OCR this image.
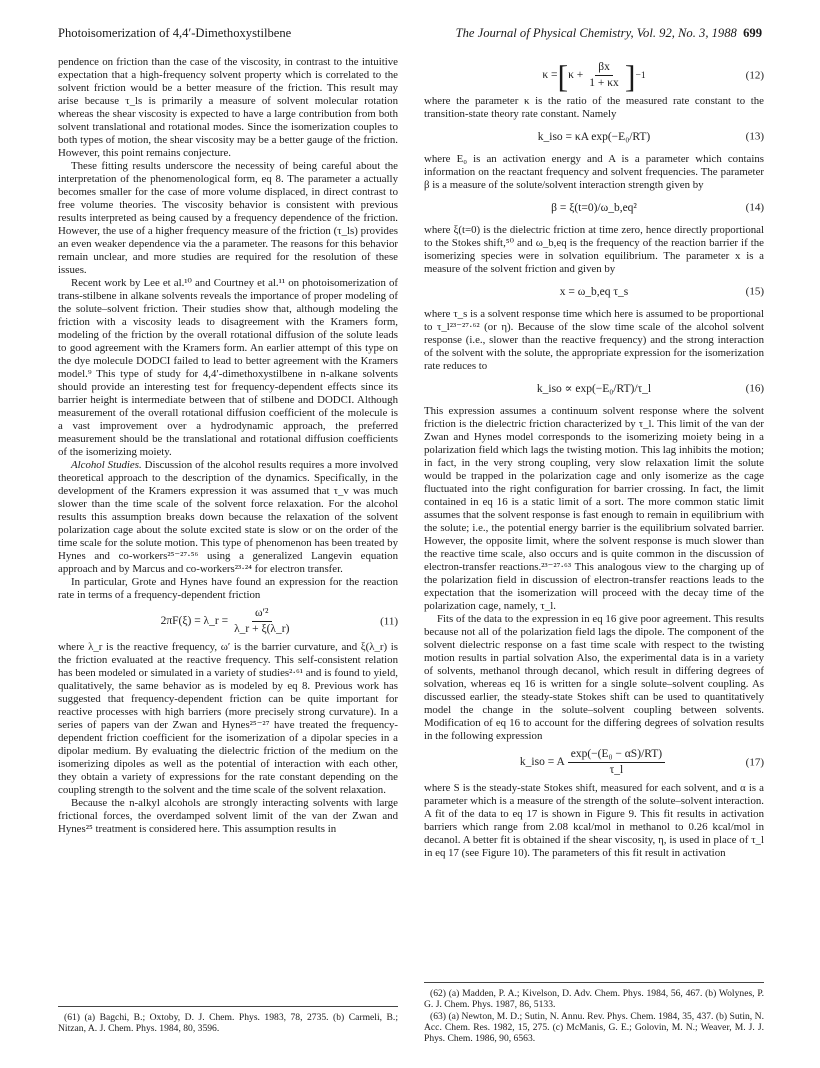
Photoisomerization of 4,4′-Dimethoxystilbene	The Journal of Physical Chemistry, Vol. 92, No. 3, 1988 699

pendence on friction than the case of the viscosity, in contrast to the intuitive expectation that a high-frequency solvent property which is correlated to the solvent friction would be a better measure of the friction. This result may arise because τ_ls is primarily a measure of solvent molecular rotation whereas the shear viscosity is expected to have a large contribution from both solvent translational and rotational modes. Since the isomerization couples to both types of motion, the shear viscosity may be a better gauge of the friction. However, this point remains conjecture.

These fitting results underscore the necessity of being careful about the interpretation of the phenomenological form, eq 8. The parameter a actually becomes smaller for the case of more volume displaced, in direct contrast to free volume theories. The viscosity behavior is consistent with previous results interpreted as being caused by a frequency dependence of the friction. However, the use of a higher frequency measure of the friction (τ_ls) provides an even weaker dependence via the a parameter. The reasons for this behavior remain unclear, and more studies are required for the resolution of these issues.

Recent work by Lee et al.¹⁰ and Courtney et al.¹¹ on photoisomerization of trans-stilbene in alkane solvents reveals the importance of proper modeling of the solute–solvent friction. Their studies show that, although modeling the friction with a viscosity leads to disagreement with the Kramers form, modeling of the friction by the overall rotational diffusion of the solute leads to good agreement with the Kramers form. An earlier attempt of this type on the dye molecule DODCI failed to lead to better agreement with the Kramers model.⁹ This type of study for 4,4′-dimethoxystilbene in n-alkane solvents should provide an interesting test for frequency-dependent effects since its barrier height is intermediate between that of stilbene and DODCI. Although measurement of the overall rotational diffusion coefficient of the molecule is a vast improvement over a hydrodynamic approach, the preferred measurement should be the translational and rotational diffusion coefficients of the isomerizing moiety.

Alcohol Studies. Discussion of the alcohol results requires a more involved theoretical approach to the description of the dynamics. Specifically, in the development of the Kramers expression it was assumed that τ_v was much slower than the time scale of the solvent force relaxation. For the alcohol results this assumption breaks down because the relaxation of the solvent polarization cage about the solute excited state is slow or on the order of the time scale for the solute motion. This type of phenomenon has been treated by Hynes and co-workers²⁵⁻²⁷·⁵⁶ using a generalized Langevin equation approach and by Marcus and co-workers²³·²⁴ for electron transfer.

In particular, Grote and Hynes have found an expression for the reaction rate in terms of a frequency-dependent friction

2πF(ξ) = λ_r = $\frac{\text{ω′²}}{\lambda\_r + \xi(\lambda\_r)}$	(11)

where λ_r is the reactive frequency, ω′ is the barrier curvature, and ξ(λ_r) is the friction evaluated at the reactive frequency. This self-consistent relation has been modeled or simulated in a variety of studies²·⁶¹ and is found to yield, qualitatively, the same behavior as is modeled by eq 8. Previous work has suggested that frequency-dependent friction can be quite important for reactive processes with high barriers (more precisely strong curvature). In a series of papers van der Zwan and Hynes²⁵⁻²⁷ have treated the frequency-dependent friction coefficient for the isomerization of a dipolar species in a dipolar medium. By evaluating the dielectric friction of the medium on the isomerizing dipoles as well as the potential of interaction with each other, they obtain a variety of expressions for the rate constant depending on the coupling strength to the solvent and the time scale of the solvent relaxation.

Because the n-alkyl alcohols are strongly interacting solvents with large frictional forces, the overdamped solvent limit of the van der Zwan and Hynes²⁵ treatment is considered here. This assumption results in

(61) (a) Bagchi, B.; Oxtoby, D. J. Chem. Phys. 1983, 78, 2735. (b) Carmeli, B.; Nitzan, A. J. Chem. Phys. 1984, 80, 3596.

κ = [ $\kappa + \frac{\beta x}{1 + \kappa x}$ ] −1	(12)

where the parameter κ is the ratio of the measured rate constant to the transition-state theory rate constant. Namely

k_iso = κA exp(−E₀/RT)	(13)

where E₀ is an activation energy and A is a parameter which contains information on the reactant frequency and solvent frequencies. The parameter β is a measure of the solute/solvent interaction strength given by

β = ξ(t=0)/ω_b,eq²	(14)

where ξ(t=0) is the dielectric friction at time zero, hence directly proportional to the Stokes shift,⁵⁰ and ω_b,eq is the frequency of the reaction barrier if the isomerizing species were in solvation equilibrium. The parameter x is a measure of the solvent friction and given by

x = ω_b,eq τ_s	(15)

where τ_s is a solvent response time which here is assumed to be proportional to τ_l²³⁻²⁷·⁶² (or η). Because of the slow time scale of the alcohol solvent response (i.e., slower than the reactive frequency) and the strong interaction of the solvent with the solute, the appropriate expression for the isomerization rate reduces to

k_iso ∝ exp(−E₀/RT)/τ_l	(16)

This expression assumes a continuum solvent response where the solvent friction is the dielectric friction characterized by τ_l. This limit of the van der Zwan and Hynes model corresponds to the isomerizing moiety being in a polarization field which lags the twisting motion. This lag inhibits the motion; in fact, in the very strong coupling, very slow relaxation limit the solute would be trapped in the polarization cage and only isomerize as the cage fluctuated into the right configuration for barrier crossing. In fact, the limit contained in eq 16 is a static limit of a sort. The more common static limit assumes that the solvent response is fast enough to remain in equilibrium with the solute; i.e., the potential energy barrier is the equilibrium solvated barrier. However, the opposite limit, where the solvent response is much slower than the reactive time scale, also occurs and is quite common in the discussion of electron-transfer reactions.²³⁻²⁷·⁶³ This analogous view to the charging up of the polarization field in discussion of electron-transfer reactions leads to the expectation that the isomerization will proceed with the decay time of the polarization cage, namely, τ_l.

Fits of the data to the expression in eq 16 give poor agreement. This results because not all of the polarization field lags the dipole. The component of the solvent dielectric response on a fast time scale with respect to the twisting motion results in partial solvation Also, the experimental data is in a variety of solvents, methanol through decanol, which result in differing degrees of solvation, whereas eq 16 is written for a single solute–solvent coupling. As discussed earlier, the steady-state Stokes shift can be used to quantitatively model the change in the solute–solvent coupling between solvents. Modification of eq 16 to account for the differing degrees of solvation results in the following expression

k_iso = A $\frac{\text{exp(−(E₀ − αS)/RT)}}{\tau\_l}$	(17)

where S is the steady-state Stokes shift, measured for each solvent, and α is a parameter which is a measure of the strength of the solute–solvent interaction. A fit of the data to eq 17 is shown in Figure 9. This fit results in activation barriers which range from 2.08 kcal/mol in methanol to 0.26 kcal/mol in decanol. A better fit is obtained if the shear viscosity, η, is used in place of τ_l in eq 17 (see Figure 10). The parameters of this fit result in activation

(62) (a) Madden, P. A.; Kivelson, D. Adv. Chem. Phys. 1984, 56, 467. (b) Wolynes, P. G. J. Chem. Phys. 1987, 86, 5133.

(63) (a) Newton, M. D.; Sutin, N. Annu. Rev. Phys. Chem. 1984, 35, 437. (b) Sutin, N. Acc. Chem. Res. 1982, 15, 275. (c) McManis, G. E.; Golovin, M. N.; Weaver, M. J. J. Phys. Chem. 1986, 90, 6563.
